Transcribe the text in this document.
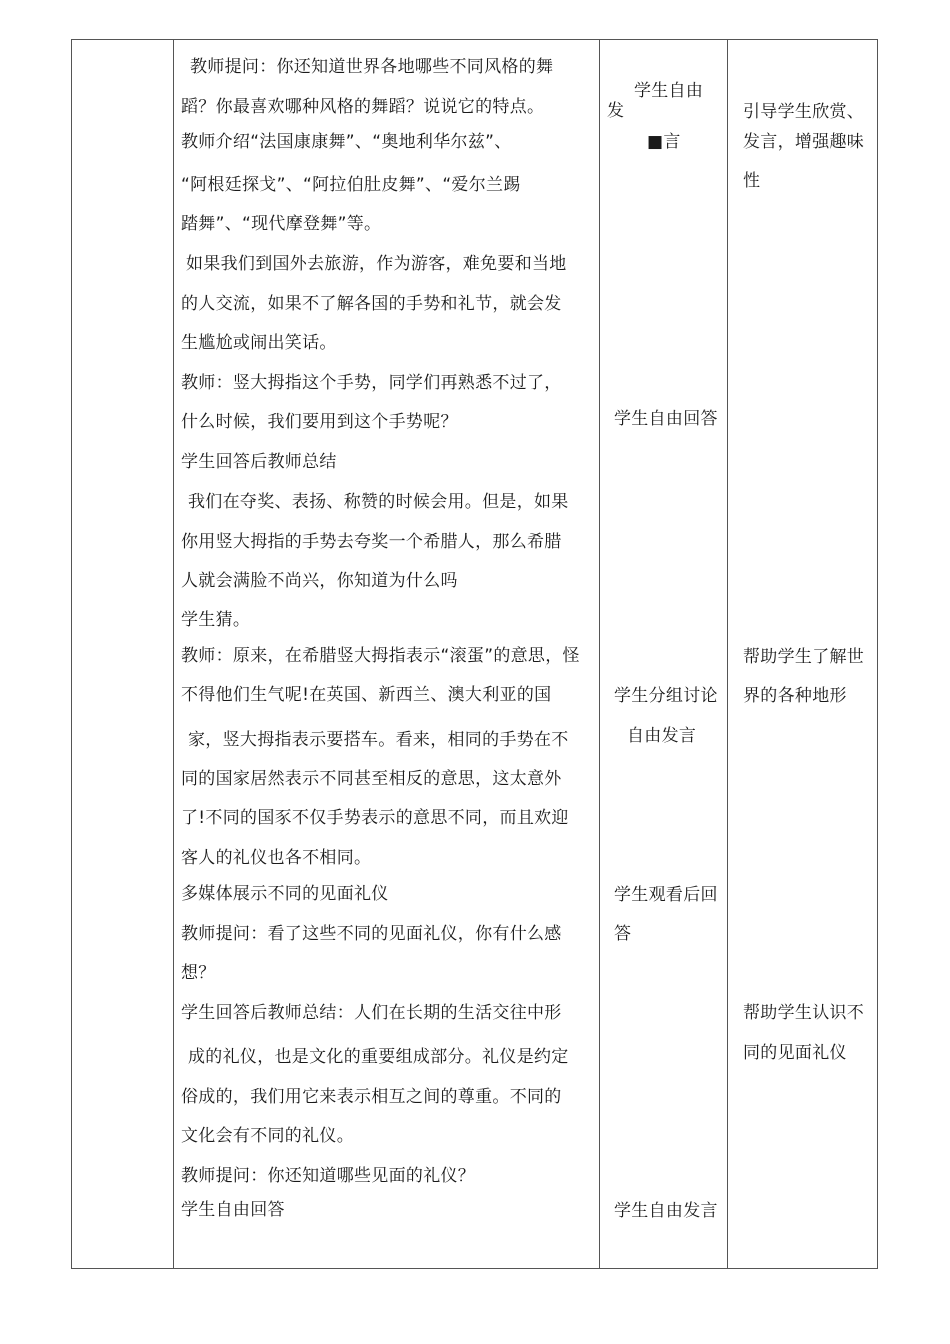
教师提问：你还知道世界各地哪些不同风格的舞
蹈？你最喜欢哪种风格的舞蹈？说说它的特点。
教师介绍“法国康康舞”、“奥地利华尔兹”、
“阿根廷探戈”、“阿拉伯肚皮舞”、“爱尔兰踢
踏舞”、“现代摩登舞”等。
如果我们到国外去旅游，作为游客，难免要和当地
的人交流，如果不了解各国的手势和礼节，就会发
生尴尬或闹出笑话。
教师：竖大拇指这个手势，同学们再熟悉不过了，
什么时候，我们要用到这个手势呢？
学生回答后教师总结
我们在夺奖、表扬、称赞的时候会用。但是，如果
你用竖大拇指的手势去夸奖一个希腊人，那么希腊
人就会满脸不尚兴，你知道为什么吗
学生猜。
教师：原来，在希腊竖大拇指表示“滚蛋”的意思，怪
不得他们生气呢!在英国、新西兰、澳大利亚的国
家，竖大拇指表示要搭车。看来，相同的手势在不
同的国家居然表示不同甚至相反的意思，这太意外
了!不同的国豕不仅手势表示的意思不同，而且欢迎
客人的礼仪也各不相同。
多媒体展示不同的见面礼仪
教师提问：看了这些不同的见面礼仪，你有什么感
想？
学生回答后教师总结：人们在长期的生活交往中形
成的礼仪，也是文化的重要组成部分。礼仪是约定
俗成的，我们用它来表示相互之间的尊重。不同的
文化会有不同的礼仪。
教师提问：你还知道哪些见面的礼仪？
学生自由回答
学生自由
发
■言
学生自由回答
学生分组讨论
自由发言
学生观看后回
答
学生自由发言
引导学生欣赏、
发言，增强趣味
性
帮助学生了解世
界的各种地形
帮助学生认识不
同的见面礼仪
